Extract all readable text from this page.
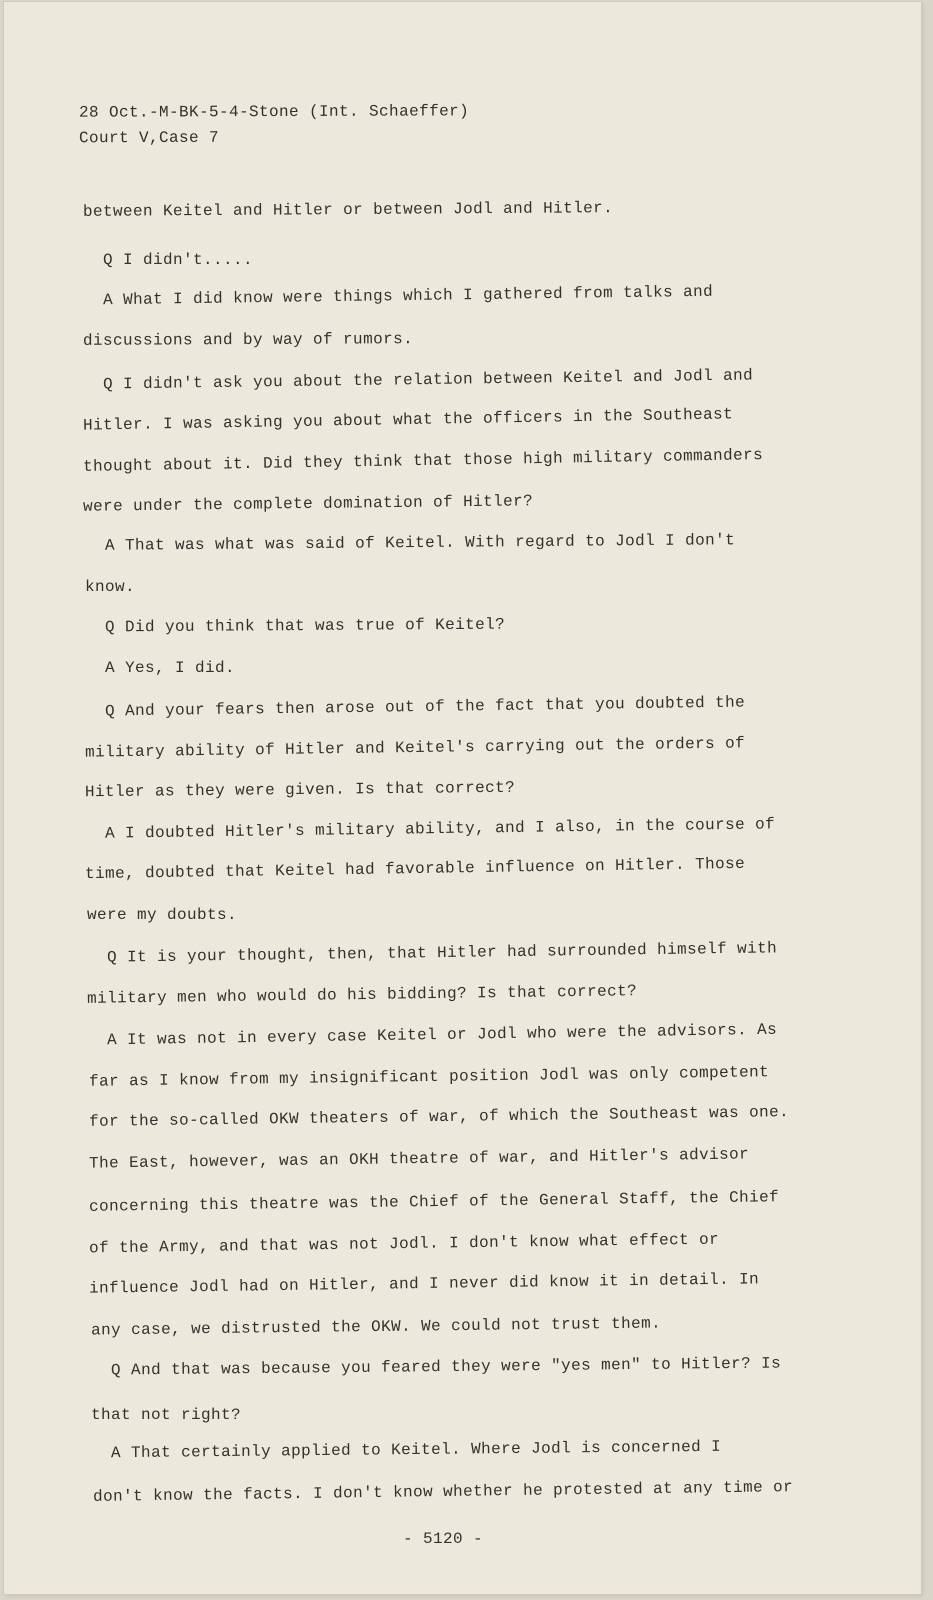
28 Oct.-M-BK-5-4-Stone (Int. Schaeffer)
Court V,Case 7
between Keitel and Hitler or between Jodl and Hitler.
Q I didn't.....
A What I did know were things which I gathered from talks and
discussions and by way of rumors.
Q I didn't ask you about the relation between Keitel and Jodl and
Hitler. I was asking you about what the officers in the Southeast
thought about it. Did they think that those high military commanders
were under the complete domination of Hitler?
A That was what was said of Keitel. With regard to Jodl I don't
know.
Q Did you think that was true of Keitel?
A Yes, I did.
Q And your fears then arose out of the fact that you doubted the
military ability of Hitler and Keitel's carrying out the orders of
Hitler as they were given. Is that correct?
A I doubted Hitler's military ability, and I also, in the course of
time, doubted that Keitel had favorable influence on Hitler. Those
were my doubts.
Q It is your thought, then, that Hitler had surrounded himself with
military men who would do his bidding? Is that correct?
A It was not in every case Keitel or Jodl who were the advisors. As
far as I know from my insignificant position Jodl was only competent
for the so-called OKW theaters of war, of which the Southeast was one.
The East, however, was an OKH theatre of war, and Hitler's advisor
concerning this theatre was the Chief of the General Staff, the Chief
of the Army, and that was not Jodl. I don't know what effect or
influence Jodl had on Hitler, and I never did know it in detail. In
any case, we distrusted the OKW. We could not trust them.
Q And that was because you feared they were "yes men" to Hitler? Is
that not right?
A That certainly applied to Keitel. Where Jodl is concerned I
don't know the facts. I don't know whether he protested at any time or
- 5120 -
